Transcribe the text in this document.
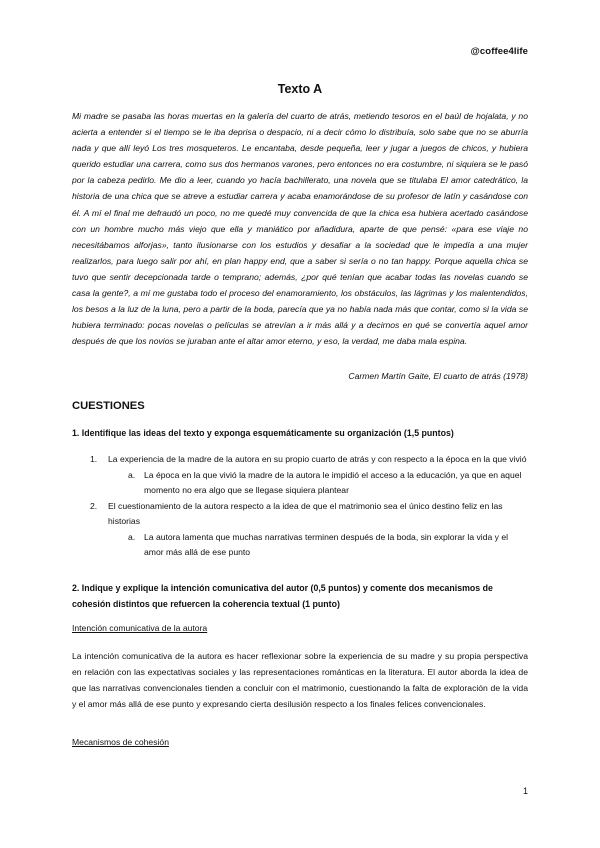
@coffee4life
Texto A

Mi madre se pasaba las horas muertas en la galería del cuarto de atrás, metiendo tesoros en el baúl de hojalata, y no acierta a entender si el tiempo se le iba deprisa o despacio, ni a decir cómo lo distribuía, solo sabe que no se aburría nada y que allí leyó Los tres mosqueteros. Le encantaba, desde pequeña, leer y jugar a juegos de chicos, y hubiera querido estudiar una carrera, como sus dos hermanos varones, pero entonces no era costumbre, ni siquiera se le pasó por la cabeza pedirlo. Me dio a leer, cuando yo hacía bachillerato, una novela que se titulaba El amor catedrático, la historia de una chica que se atreve a estudiar carrera y acaba enamorándose de su profesor de latín y casándose con él. A mí el final me defraudó un poco, no me quedé muy convencida de que la chica esa hubiera acertado casándose con un hombre mucho más viejo que ella y maniático por añadidura, aparte de que pensé: «para ese viaje no necesitábamos alforjas», tanto ilusionarse con los estudios y desafiar a la sociedad que le impedía a una mujer realizarlos, para luego salir por ahí, en plan happy end, que a saber si sería o no tan happy. Porque aquella chica se tuvo que sentir decepcionada tarde o temprano; además, ¿por qué tenían que acabar todas las novelas cuando se casa la gente?, a mí me gustaba todo el proceso del enamoramiento, los obstáculos, las lágrimas y los malentendidos, los besos a la luz de la luna, pero a partir de la boda, parecía que ya no había nada más que contar, como si la vida se hubiera terminado: pocas novelas o películas se atrevían a ir más allá y a decirnos en qué se convertía aquel amor después de que los novios se juraban ante el altar amor eterno, y eso, la verdad, me daba mala espina.

Carmen Martín Gaite, El cuarto de atrás (1978)
CUESTIONES
1. Identifique las ideas del texto y exponga esquemáticamente su organización (1,5 puntos)
1. La experiencia de la madre de la autora en su propio cuarto de atrás y con respecto a la época en la que vivió
a. La época en la que vivió la madre de la autora le impidió el acceso a la educación, ya que en aquel momento no era algo que se llegase siquiera plantear
2. El cuestionamiento de la autora respecto a la idea de que el matrimonio sea el único destino feliz en las historias
a. La autora lamenta que muchas narrativas terminen después de la boda, sin explorar la vida y el amor más allá de ese punto
2. Indique y explique la intención comunicativa del autor (0,5 puntos) y comente dos mecanismos de cohesión distintos que refuercen la coherencia textual (1 punto)
Intención comunicativa de la autora

La intención comunicativa de la autora es hacer reflexionar sobre la experiencia de su madre y su propia perspectiva en relación con las expectativas sociales y las representaciones románticas en la literatura. El autor aborda la idea de que las narrativas convencionales tienden a concluir con el matrimonio, cuestionando la falta de exploración de la vida y el amor más allá de ese punto y expresando cierta desilusión respecto a los finales felices convencionales.

Mecanismos de cohesión
1
